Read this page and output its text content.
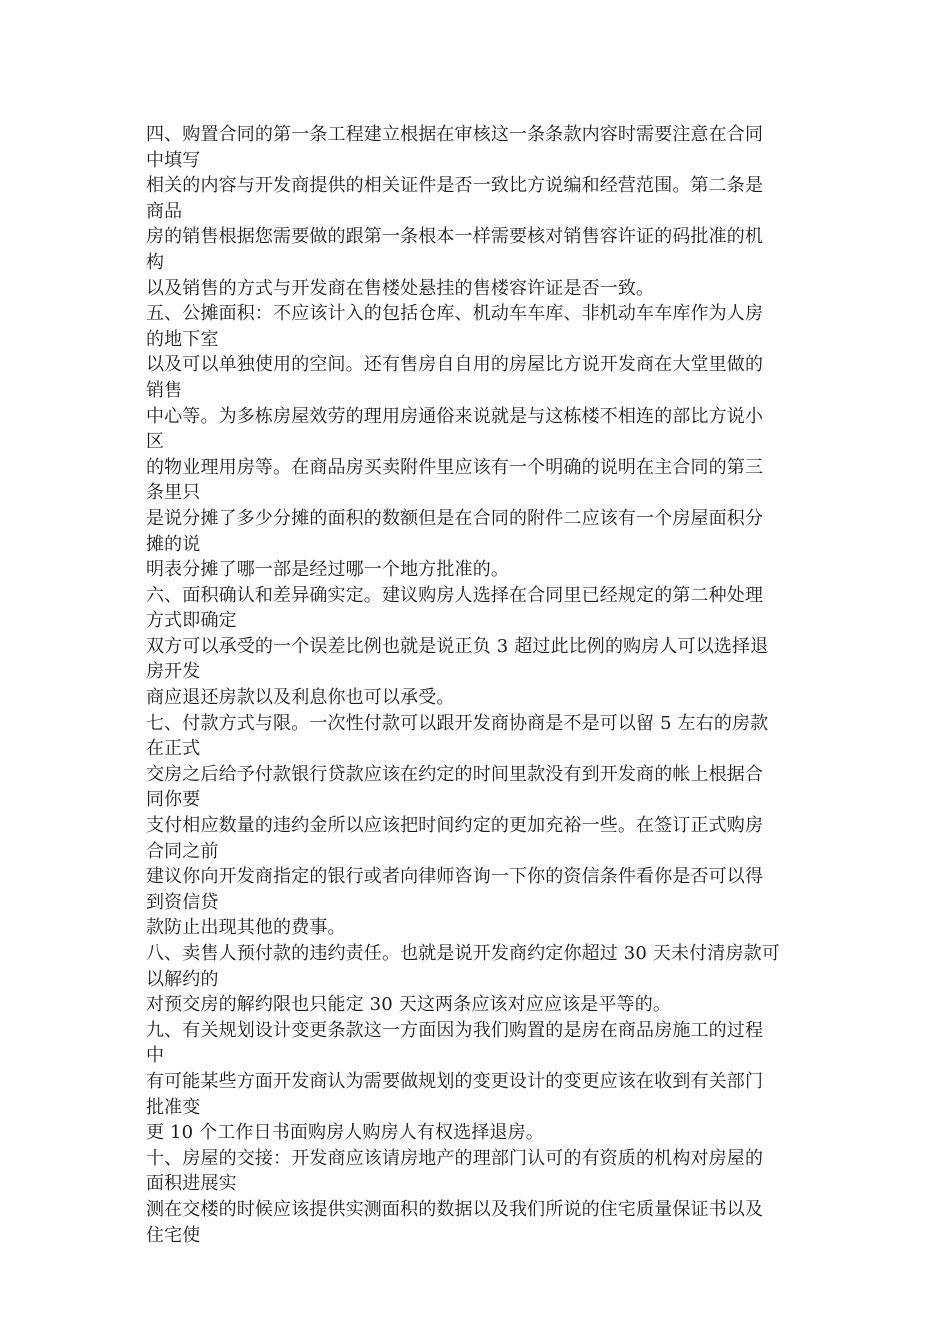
四、购置合同的第一条工程建立根据在审核这一条条款内容时需要注意在合同
中填写
相关的内容与开发商提供的相关证件是否一致比方说编和经营范围。第二条是
商品
房的销售根据您需要做的跟第一条根本一样需要核对销售容许证的码批准的机
构
以及销售的方式与开发商在售楼处悬挂的售楼容许证是否一致。
五、公摊面积：不应该计入的包括仓库、机动车车库、非机动车车库作为人房
的地下室
以及可以单独使用的空间。还有售房自自用的房屋比方说开发商在大堂里做的
销售
中心等。为多栋房屋效劳的理用房通俗来说就是与这栋楼不相连的部比方说小
区
的物业理用房等。在商品房买卖附件里应该有一个明确的说明在主合同的第三
条里只
是说分摊了多少分摊的面积的数额但是在合同的附件二应该有一个房屋面积分
摊的说
明表分摊了哪一部是经过哪一个地方批准的。
六、面积确认和差异确实定。建议购房人选择在合同里已经规定的第二种处理
方式即确定
双方可以承受的一个误差比例也就是说正负 3 超过此比例的购房人可以选择退
房开发
商应退还房款以及利息你也可以承受。
七、付款方式与限。一次性付款可以跟开发商协商是不是可以留 5 左右的房款
在正式
交房之后给予付款银行贷款应该在约定的时间里款没有到开发商的帐上根据合
同你要
支付相应数量的违约金所以应该把时间约定的更加充裕一些。在签订正式购房
合同之前
建议你向开发商指定的银行或者向律师咨询一下你的资信条件看你是否可以得
到资信贷
款防止出现其他的费事。
八、卖售人预付款的违约责任。也就是说开发商约定你超过 30 天未付清房款可
以解约的
对预交房的解约限也只能定 30 天这两条应该对应应该是平等的。
九、有关规划设计变更条款这一方面因为我们购置的是房在商品房施工的过程
中
有可能某些方面开发商认为需要做规划的变更设计的变更应该在收到有关部门
批准变
更 10 个工作日书面购房人购房人有权选择退房。
十、房屋的交接：开发商应该请房地产的理部门认可的有资质的机构对房屋的
面积进展实
测在交楼的时候应该提供实测面积的数据以及我们所说的住宅质量保证书以及
住宅使
